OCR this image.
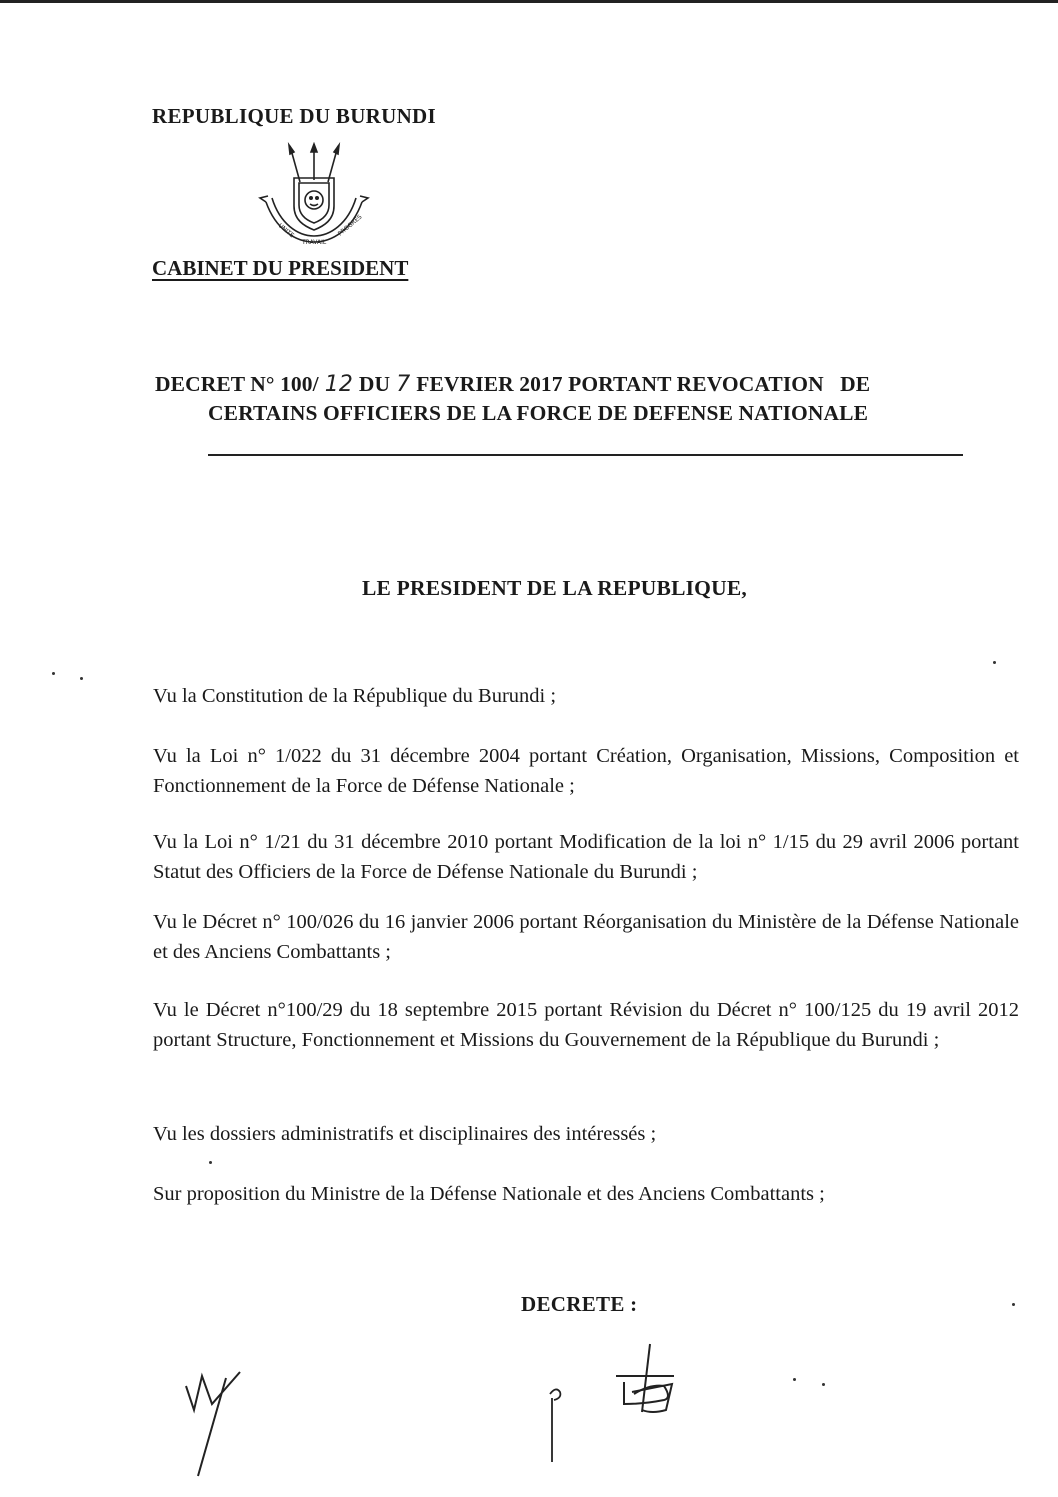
REPUBLIQUE DU BURUNDI
UNITE
TRAVAIL
PROGRES
CABINET DU PRESIDENT
DECRET N° 100/ 12 DU 7 FEVRIER 2017 PORTANT REVOCATION   DE
CERTAINS OFFICIERS DE LA FORCE DE DEFENSE NATIONALE
LE PRESIDENT DE LA REPUBLIQUE,
Vu la Constitution de la République du Burundi ;
Vu la Loi n° 1/022 du 31 décembre 2004 portant Création, Organisation, Missions, Composition et Fonctionnement de la Force de Défense Nationale ;
Vu la Loi n° 1/21 du 31 décembre 2010 portant Modification de la loi n° 1/15 du 29 avril 2006 portant Statut des Officiers de la Force de Défense Nationale du Burundi ;
Vu le Décret n° 100/026 du 16 janvier 2006 portant Réorganisation du Ministère de la Défense Nationale et des Anciens Combattants ;
Vu le Décret n°100/29 du 18 septembre 2015 portant Révision du Décret n° 100/125 du 19 avril 2012 portant Structure, Fonctionnement et Missions du Gouvernement de la République du Burundi ;
Vu les dossiers administratifs et disciplinaires des intéressés ;
Sur proposition du Ministre de la Défense Nationale et des Anciens Combattants ;
DECRETE :
